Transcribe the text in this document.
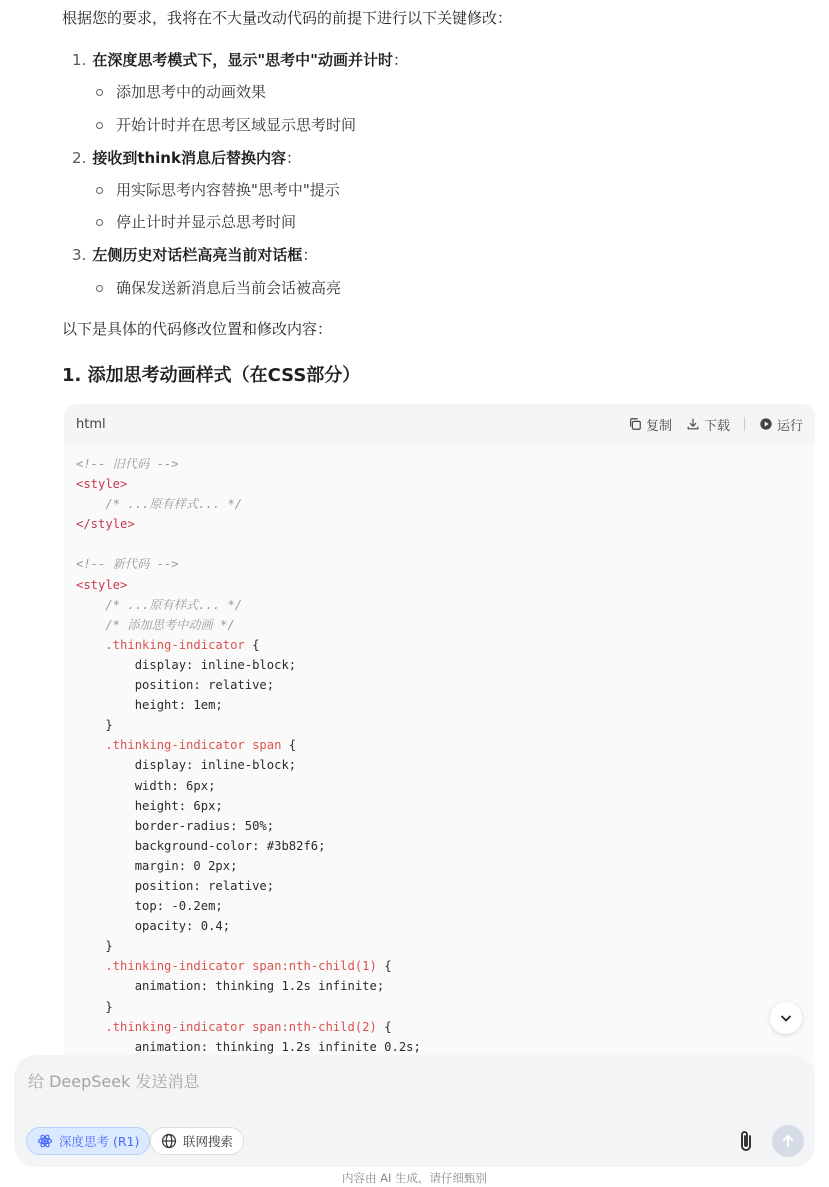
根据您的要求，我将在不大量改动代码的前提下进行以下关键修改：
1. 在深度思考模式下，显示"思考中"动画并计时：
添加思考中的动画效果
开始计时并在思考区域显示思考时间
2. 接收到think消息后替换内容：
用实际思考内容替换"思考中"提示
停止计时并显示总思考时间
3. 左侧历史对话栏高亮当前对话框：
确保发送新消息后当前会话被高亮
以下是具体的代码修改位置和修改内容：
1. 添加思考动画样式（在CSS部分）
html	复制 下载	运行
<!-- 旧代码 -->
<style>
/* ...原有样式... */
</style>

<!-- 新代码 -->
<style>
/* ...原有样式... */
/* 添加思考中动画 */
.thinking-indicator {
display: inline-block;
position: relative;
height: 1em;
}
.thinking-indicator span {
display: inline-block;
width: 6px;
height: 6px;
border-radius: 50%;
background-color: #3b82f6;
margin: 0 2px;
position: relative;
top: -0.2em;
opacity: 0.4;
}
.thinking-indicator span:nth-child(1) {
animation: thinking 1.2s infinite;
}
.thinking-indicator span:nth-child(2) {
animation: thinking 1.2s infinite 0.2s;
给 DeepSeek 发送消息
深度思考 (R1)	联网搜索
内容由 AI 生成，请仔细甄别
